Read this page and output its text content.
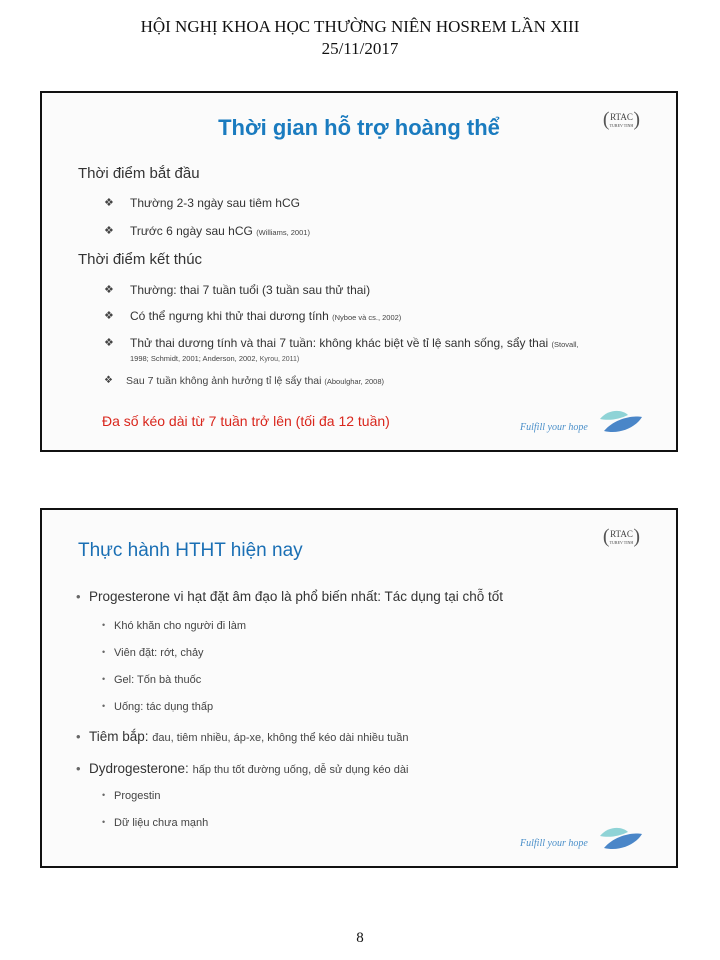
HỘI NGHỊ KHOA HỌC THƯỜNG NIÊN HOSREM LẦN XIII
25/11/2017
(RTAC
TUREV TINH )
Thời gian hỗ trợ hoàng thể
Thời điểm bắt đầu
❖ Thường 2-3 ngày sau tiêm hCG
❖ Trước 6 ngày sau hCG (Williams, 2001)
Thời điểm kết thúc
❖ Thường: thai 7 tuần tuổi (3 tuần sau thử thai)
❖ Có thể ngưng khi thử thai dương tính (Nyboe và cs., 2002)
❖ Thử thai dương tính và thai 7 tuần: không khác biệt về tỉ lệ sanh sống, sẩy thai (Stovall,
1998; Schmidt, 2001; Anderson, 2002, Kyrou, 2011)
❖ Sau 7 tuần không ảnh hưởng tỉ lệ sẩy thai (Aboulghar, 2008)
Đa số kéo dài từ 7 tuần trở lên (tối đa 12 tuần)	Fulfill your hope
(RTAC
TUREV TINH )
Thực hành HTHT hiện nay
• Progesterone vi hạt đặt âm đạo là phổ biến nhất: Tác dụng tại chỗ tốt
• Khó khăn cho người đi làm
• Viên đặt: rớt, chảy
• Gel: Tốn bà thuốc
• Uống: tác dụng thấp
• Tiêm bắp: đau, tiêm nhiều, áp-xe, không thể kéo dài nhiều tuần
• Dydrogesterone: hấp thu tốt đường uống, dễ sử dụng kéo dài
• Progestin
• Dữ liệu chưa mạnh
Fulfill your hope
8
